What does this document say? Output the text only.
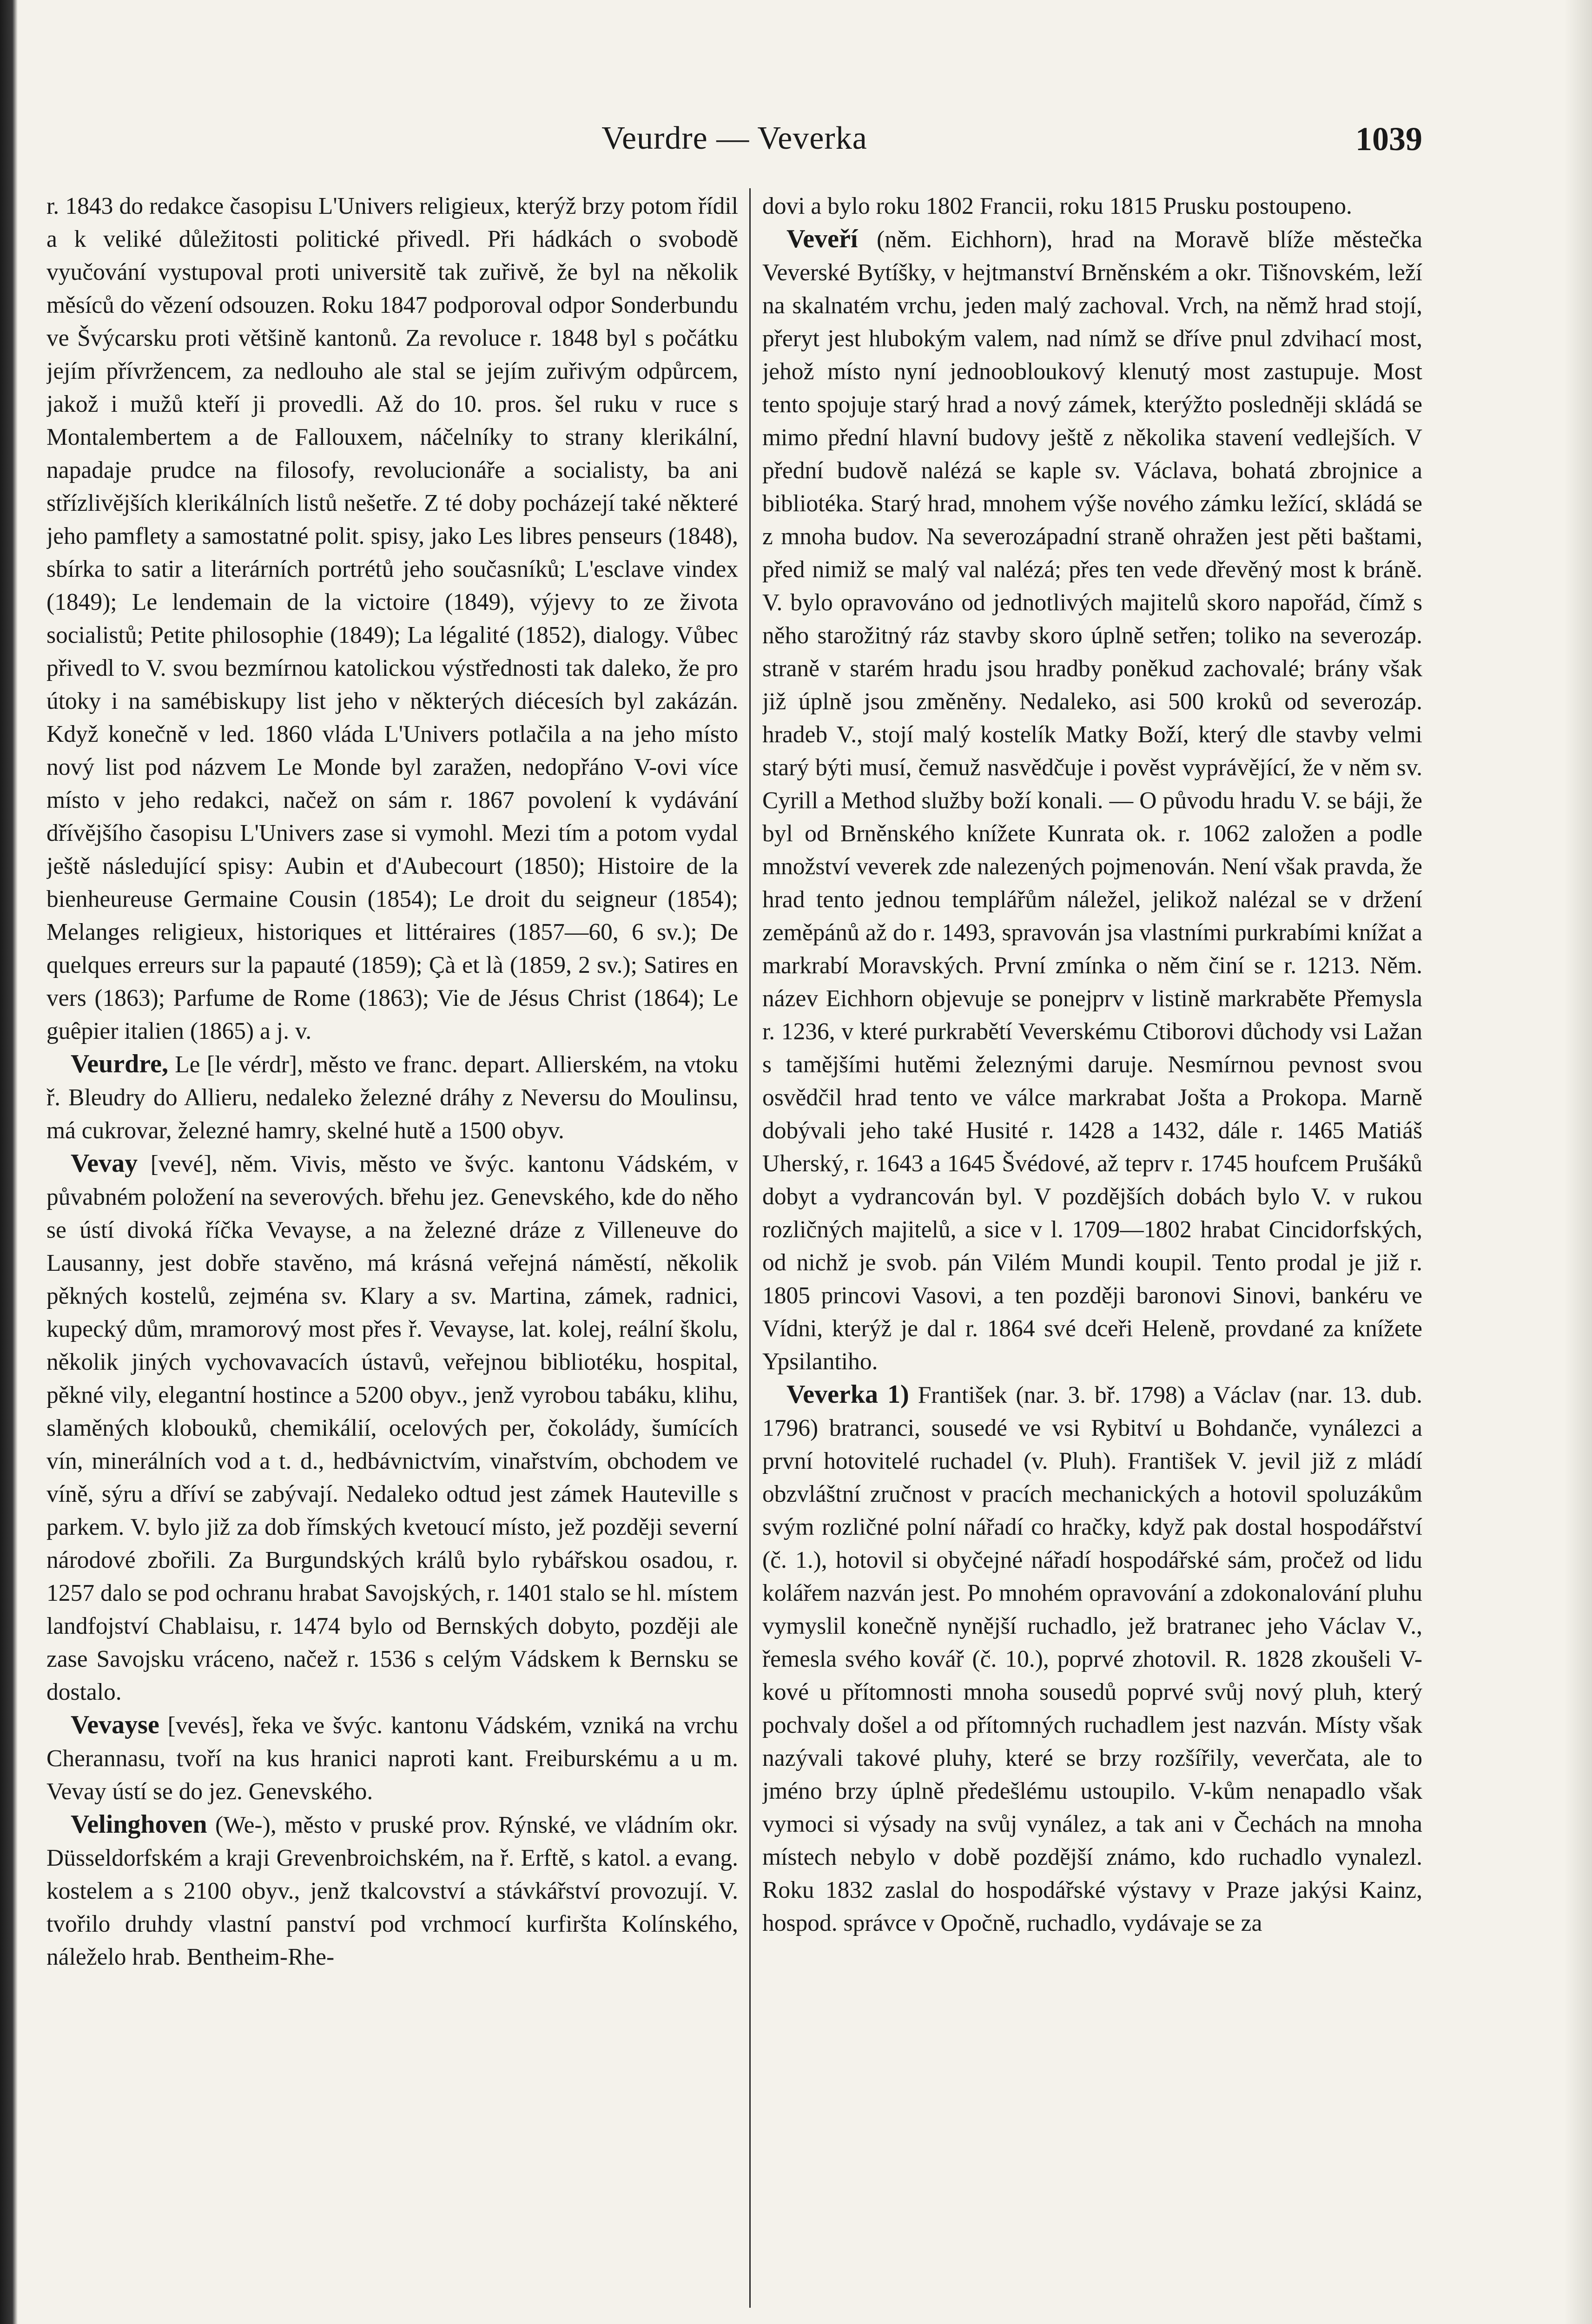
Veurdre — Veverka	1039

r. 1843 do redakce časopisu L'Univers religieux, kterýž brzy potom řídil a k veliké důležitosti politické přivedl. Při hádkách o svobodě vyučování vystupoval proti universitě tak zuřivě, že byl na několik měsíců do vězení odsouzen. Roku 1847 podporoval odpor Sonderbundu ve Švýcarsku proti většině kantonů. Za revoluce r. 1848 byl s počátku jejím přívržencem, za nedlouho ale stal se jejím zuřivým odpůrcem, jakož i mužů kteří ji provedli. Až do 10. pros. šel ruku v ruce s Montalembertem a de Fallouxem, náčelníky to strany klerikální, napadaje prudce na filosofy, revolucionáře a socialisty, ba ani střízlivějších klerikálních listů nešetře. Z té doby pocházejí také některé jeho pamflety a samostatné polit. spisy, jako Les libres penseurs (1848), sbírka to satir a literárních portrétů jeho současníků; L'esclave vindex (1849); Le lendemain de la victoire (1849), výjevy to ze života socialistů; Petite philosophie (1849); La légalité (1852), dialogy. Vůbec přivedl to V. svou bezmírnou katolickou výstřednosti tak daleko, že pro útoky i na samébiskupy list jeho v některých diécesích byl zakázán. Když konečně v led. 1860 vláda L'Univers potlačila a na jeho místo nový list pod názvem Le Monde byl zaražen, nedopřáno V-ovi více místo v jeho redakci, načež on sám r. 1867 povolení k vydávání dřívějšího časopisu L'Univers zase si vymohl. Mezi tím a potom vydal ještě následující spisy: Aubin et d'Aubecourt (1850); Histoire de la bienheureuse Germaine Cousin (1854); Le droit du seigneur (1854); Melanges religieux, historiques et littéraires (1857—60, 6 sv.); De quelques erreurs sur la papauté (1859); Çà et là (1859, 2 sv.); Satires en vers (1863); Parfume de Rome (1863); Vie de Jésus Christ (1864); Le guêpier italien (1865) a j. v.

Veurdre, Le [le vérdr], město ve franc. depart. Allierském, na vtoku ř. Bleudry do Allieru, nedaleko železné dráhy z Neversu do Moulinsu, má cukrovar, železné hamry, skelné hutě a 1500 obyv.

Vevay [vevé], něm. Vivis, město ve švýc. kantonu Vádském, v půvabném položení na severových. břehu jez. Genevského, kde do něho se ústí divoká říčka Vevayse, a na železné dráze z Villeneuve do Lausanny, jest dobře stavěno, má krásná veřejná náměstí, několik pěkných kostelů, zejména sv. Klary a sv. Martina, zámek, radnici, kupecký dům, mramorový most přes ř. Vevayse, lat. kolej, reální školu, několik jiných vychovavacích ústavů, veřejnou bibliotéku, hospital, pěkné vily, elegantní hostince a 5200 obyv., jenž vyrobou tabáku, klihu, slaměných klobouků, chemikálií, ocelových per, čokolády, šumících vín, minerálních vod a t. d., hedbávnictvím, vinařstvím, obchodem ve víně, sýru a dříví se zabývají. Nedaleko odtud jest zámek Hauteville s parkem. V. bylo již za dob římských kvetoucí místo, jež později severní národové zbořili. Za Burgundských králů bylo rybářskou osadou, r. 1257 dalo se pod ochranu hrabat Savojských, r. 1401 stalo se hl. místem landfojství Chablaisu, r. 1474 bylo od Bernských dobyto, později ale zase Savojsku vráceno, načež r. 1536 s celým Vádskem k Bernsku se dostalo.

Vevayse [vevés], řeka ve švýc. kantonu Vádském, vzniká na vrchu Cherannasu, tvoří na kus hranici naproti kant. Freiburskému a u m. Vevay ústí se do jez. Genevského.

Velinghoven (We-), město v pruské prov. Rýnské, ve vládním okr. Düsseldorfském a kraji Grevenbroichském, na ř. Erftě, s katol. a evang. kostelem a s 2100 obyv., jenž tkalcovství a stávkářství provozují. V. tvořilo druhdy vlastní panství pod vrchmocí kurfiršta Kolínského, náleželo hrab. Bentheim-Rhe-

dovi a bylo roku 1802 Francii, roku 1815 Prusku postoupeno.

Veveří (něm. Eichhorn), hrad na Moravě blíže městečka Veverské Bytíšky, v hejtmanství Brněnském a okr. Tišnovském, leží na skalnatém vrchu, jeden malý zachoval. Vrch, na němž hrad stojí, přeryt jest hlubokým valem, nad nímž se dříve pnul zdvihací most, jehož místo nyní jednoobloukový klenutý most zastupuje. Most tento spojuje starý hrad a nový zámek, kterýžto posledněji skládá se mimo přední hlavní budovy ještě z několika stavení vedlejších. V přední budově nalézá se kaple sv. Václava, bohatá zbrojnice a bibliotéka. Starý hrad, mnohem výše nového zámku ležící, skládá se z mnoha budov. Na severozápadní straně ohražen jest pěti baštami, před nimiž se malý val nalézá; přes ten vede dřevěný most k bráně. V. bylo opravováno od jednotlivých majitelů skoro napořád, čímž s něho starožitný ráz stavby skoro úplně setřen; toliko na severozáp. straně v starém hradu jsou hradby poněkud zachovalé; brány však již úplně jsou změněny. Nedaleko, asi 500 kroků od severozáp. hradeb V., stojí malý kostelík Matky Boží, který dle stavby velmi starý býti musí, čemuž nasvědčuje i pověst vyprávějící, že v něm sv. Cyrill a Method služby boží konali. — O původu hradu V. se báji, že byl od Brněnského knížete Kunrata ok. r. 1062 založen a podle množství veverek zde nalezených pojmenován. Není však pravda, že hrad tento jednou templářům náležel, jelikož nalézal se v držení zeměpánů až do r. 1493, spravován jsa vlastními purkrabími knížat a markrabí Moravských. První zmínka o něm činí se r. 1213. Něm. název Eichhorn objevuje se ponejprv v listině markraběte Přemysla r. 1236, v které purkrabětí Veverskému Ctiborovi důchody vsi Lažan s tamějšími hutěmi železnými daruje. Nesmírnou pevnost svou osvědčil hrad tento ve válce markrabat Jošta a Prokopa. Marně dobývali jeho také Husité r. 1428 a 1432, dále r. 1465 Matiáš Uherský, r. 1643 a 1645 Švédové, až teprv r. 1745 houfcem Prušáků dobyt a vydrancován byl. V pozdějších dobách bylo V. v rukou rozličných majitelů, a sice v l. 1709—1802 hrabat Cincidorfských, od nichž je svob. pán Vilém Mundi koupil. Tento prodal je již r. 1805 princovi Vasovi, a ten později baronovi Sinovi, bankéru ve Vídni, kterýž je dal r. 1864 své dceři Heleně, provdané za knížete Ypsilantiho.

Veverka 1) František (nar. 3. bř. 1798) a Václav (nar. 13. dub. 1796) bratranci, sousedé ve vsi Rybitví u Bohdanče, vynálezci a první hotovitelé ruchadel (v. Pluh). František V. jevil již z mládí obzvláštní zručnost v pracích mechanických a hotovil spoluzákům svým rozličné polní nářadí co hračky, když pak dostal hospodářství (č. 1.), hotovil si obyčejné nářadí hospodářské sám, pročež od lidu kolářem nazván jest. Po mnohém opravování a zdokonalování pluhu vymyslil konečně nynější ruchadlo, jež bratranec jeho Václav V., řemesla svého kovář (č. 10.), poprvé zhotovil. R. 1828 zkoušeli V-kové u přítomnosti mnoha sousedů poprvé svůj nový pluh, který pochvaly došel a od přítomných ruchadlem jest nazván. Místy však nazývali takové pluhy, které se brzy rozšířily, veverčata, ale to jméno brzy úplně předešlému ustoupilo. V-kům nenapadlo však vymoci si výsady na svůj vynález, a tak ani v Čechách na mnoha místech nebylo v době pozdější známo, kdo ruchadlo vynalezl. Roku 1832 zaslal do hospodářské výstavy v Praze jakýsi Kainz, hospod. správce v Opočně, ruchadlo, vydávaje se za
